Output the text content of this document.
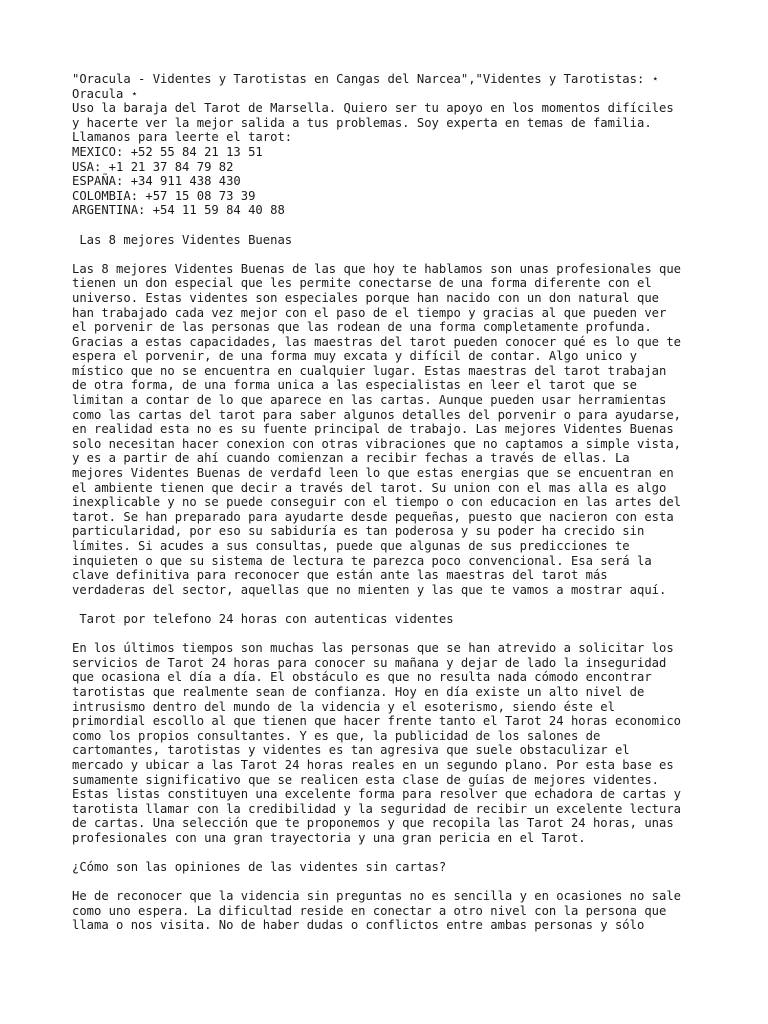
"Oracula - Videntes y Tarotistas en Cangas del Narcea","Videntes y Tarotistas: ⋆
Oracula ⋆
Uso la baraja del Tarot de Marsella. Quiero ser tu apoyo en los momentos difíciles
y hacerte ver la mejor salida a tus problemas. Soy experta en temas de familia.
Llamanos para leerte el tarot:
MEXICO: +52 55 84 21 13 51
USA: +1 21 37 84 79 82
ESPAÑA: +34 911 438 430
COLOMBIA: +57 15 08 73 39
ARGENTINA: +54 11 59 84 40 88

Las 8 mejores Videntes Buenas

Las 8 mejores Videntes Buenas de las que hoy te hablamos son unas profesionales que
tienen un don especial que les permite conectarse de una forma diferente con el
universo. Estas videntes son especiales porque han nacido con un don natural que
han trabajado cada vez mejor con el paso de el tiempo y gracias al que pueden ver
el porvenir de las personas que las rodean de una forma completamente profunda.
Gracias a estas capacidades, las maestras del tarot pueden conocer qué es lo que te
espera el porvenir, de una forma muy excata y difícil de contar. Algo unico y
místico que no se encuentra en cualquier lugar. Estas maestras del tarot trabajan
de otra forma, de una forma unica a las especialistas en leer el tarot que se
limitan a contar de lo que aparece en las cartas. Aunque pueden usar herramientas
como las cartas del tarot para saber algunos detalles del porvenir o para ayudarse,
en realidad esta no es su fuente principal de trabajo. Las mejores Videntes Buenas
solo necesitan hacer conexion con otras vibraciones que no captamos a simple vista,
y es a partir de ahí cuando comienzan a recibir fechas a través de ellas. La
mejores Videntes Buenas de verdafd leen lo que estas energias que se encuentran en
el ambiente tienen que decir a través del tarot. Su union con el mas alla es algo
inexplicable y no se puede conseguir con el tiempo o con educacion en las artes del
tarot. Se han preparado para ayudarte desde pequeñas, puesto que nacieron con esta
particularidad, por eso su sabiduría es tan poderosa y su poder ha crecido sin
límites. Si acudes a sus consultas, puede que algunas de sus predicciones te
inquieten o que su sistema de lectura te parezca poco convencional. Esa será la
clave definitiva para reconocer que están ante las maestras del tarot más
verdaderas del sector, aquellas que no mienten y las que te vamos a mostrar aquí.

Tarot por telefono 24 horas con autenticas videntes

En los últimos tiempos son muchas las personas que se han atrevido a solicitar los
servicios de Tarot 24 horas para conocer su mañana y dejar de lado la inseguridad
que ocasiona el día a día. El obstáculo es que no resulta nada cómodo encontrar
tarotistas que realmente sean de confianza. Hoy en día existe un alto nivel de
intrusismo dentro del mundo de la videncia y el esoterismo, siendo éste el
primordial escollo al que tienen que hacer frente tanto el Tarot 24 horas economico
como los propios consultantes. Y es que, la publicidad de los salones de
cartomantes, tarotistas y videntes es tan agresiva que suele obstaculizar el
mercado y ubicar a las Tarot 24 horas reales en un segundo plano. Por esta base es
sumamente significativo que se realicen esta clase de guías de mejores videntes.
Estas listas constituyen una excelente forma para resolver que echadora de cartas y
tarotista llamar con la credibilidad y la seguridad de recibir un excelente lectura
de cartas. Una selección que te proponemos y que recopila las Tarot 24 horas, unas
profesionales con una gran trayectoria y una gran pericia en el Tarot.

¿Cómo son las opiniones de las videntes sin cartas?

He de reconocer que la videncia sin preguntas no es sencilla y en ocasiones no sale
como uno espera. La dificultad reside en conectar a otro nivel con la persona que
llama o nos visita. No de haber dudas o conflictos entre ambas personas y sólo
